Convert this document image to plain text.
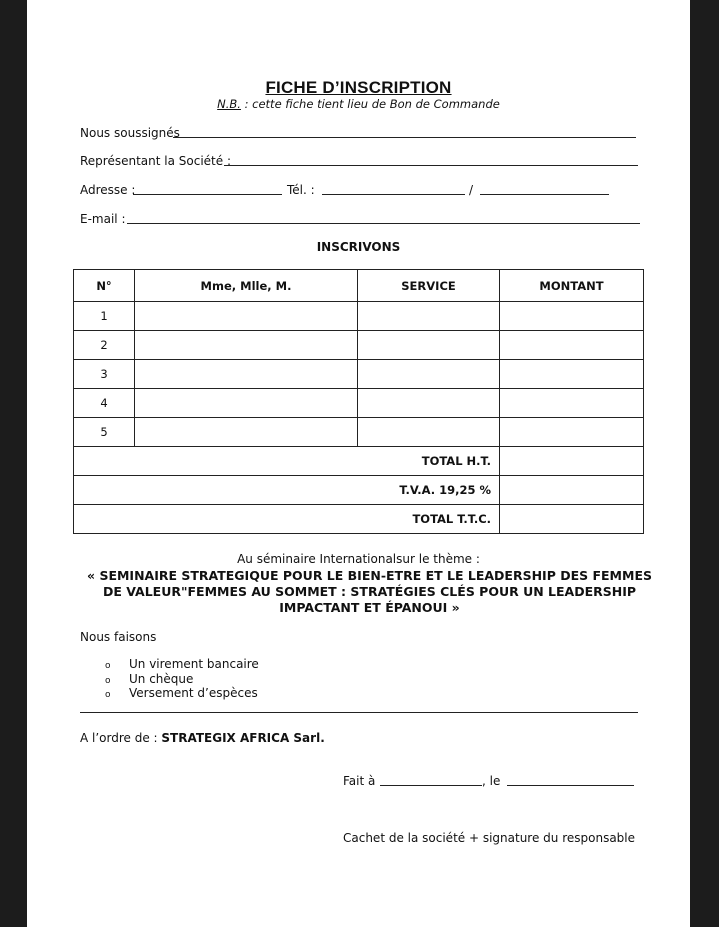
FICHE D’INSCRIPTION
N.B. : cette fiche tient lieu de Bon de Commande
Nous soussignés
Représentant la Société :
Adresse :	Tél. :	/
E-mail :
INSCRIVONS
N°	Mme, Mlle, M.	SERVICE	MONTANT
1			
2			
3			
4			
5			
TOTAL H.T.			
T.V.A. 19,25 %			
TOTAL T.T.C.			
Au séminaire Internationalsur le thème :
« SEMINAIRE STRATEGIQUE POUR LE BIEN-ETRE ET LE LEADERSHIP DES FEMMES DE VALEUR"FEMMES AU SOMMET : STRATÉGIES CLÉS POUR UN LEADERSHIP IMPACTANT ET ÉPANOUI »
Nous faisons
o Un virement bancaire
o Un chèque
o Versement d’espèces
A l’ordre de : STRATEGIX AFRICA Sarl.
Fait à	, le
Cachet de la société + signature du responsable
